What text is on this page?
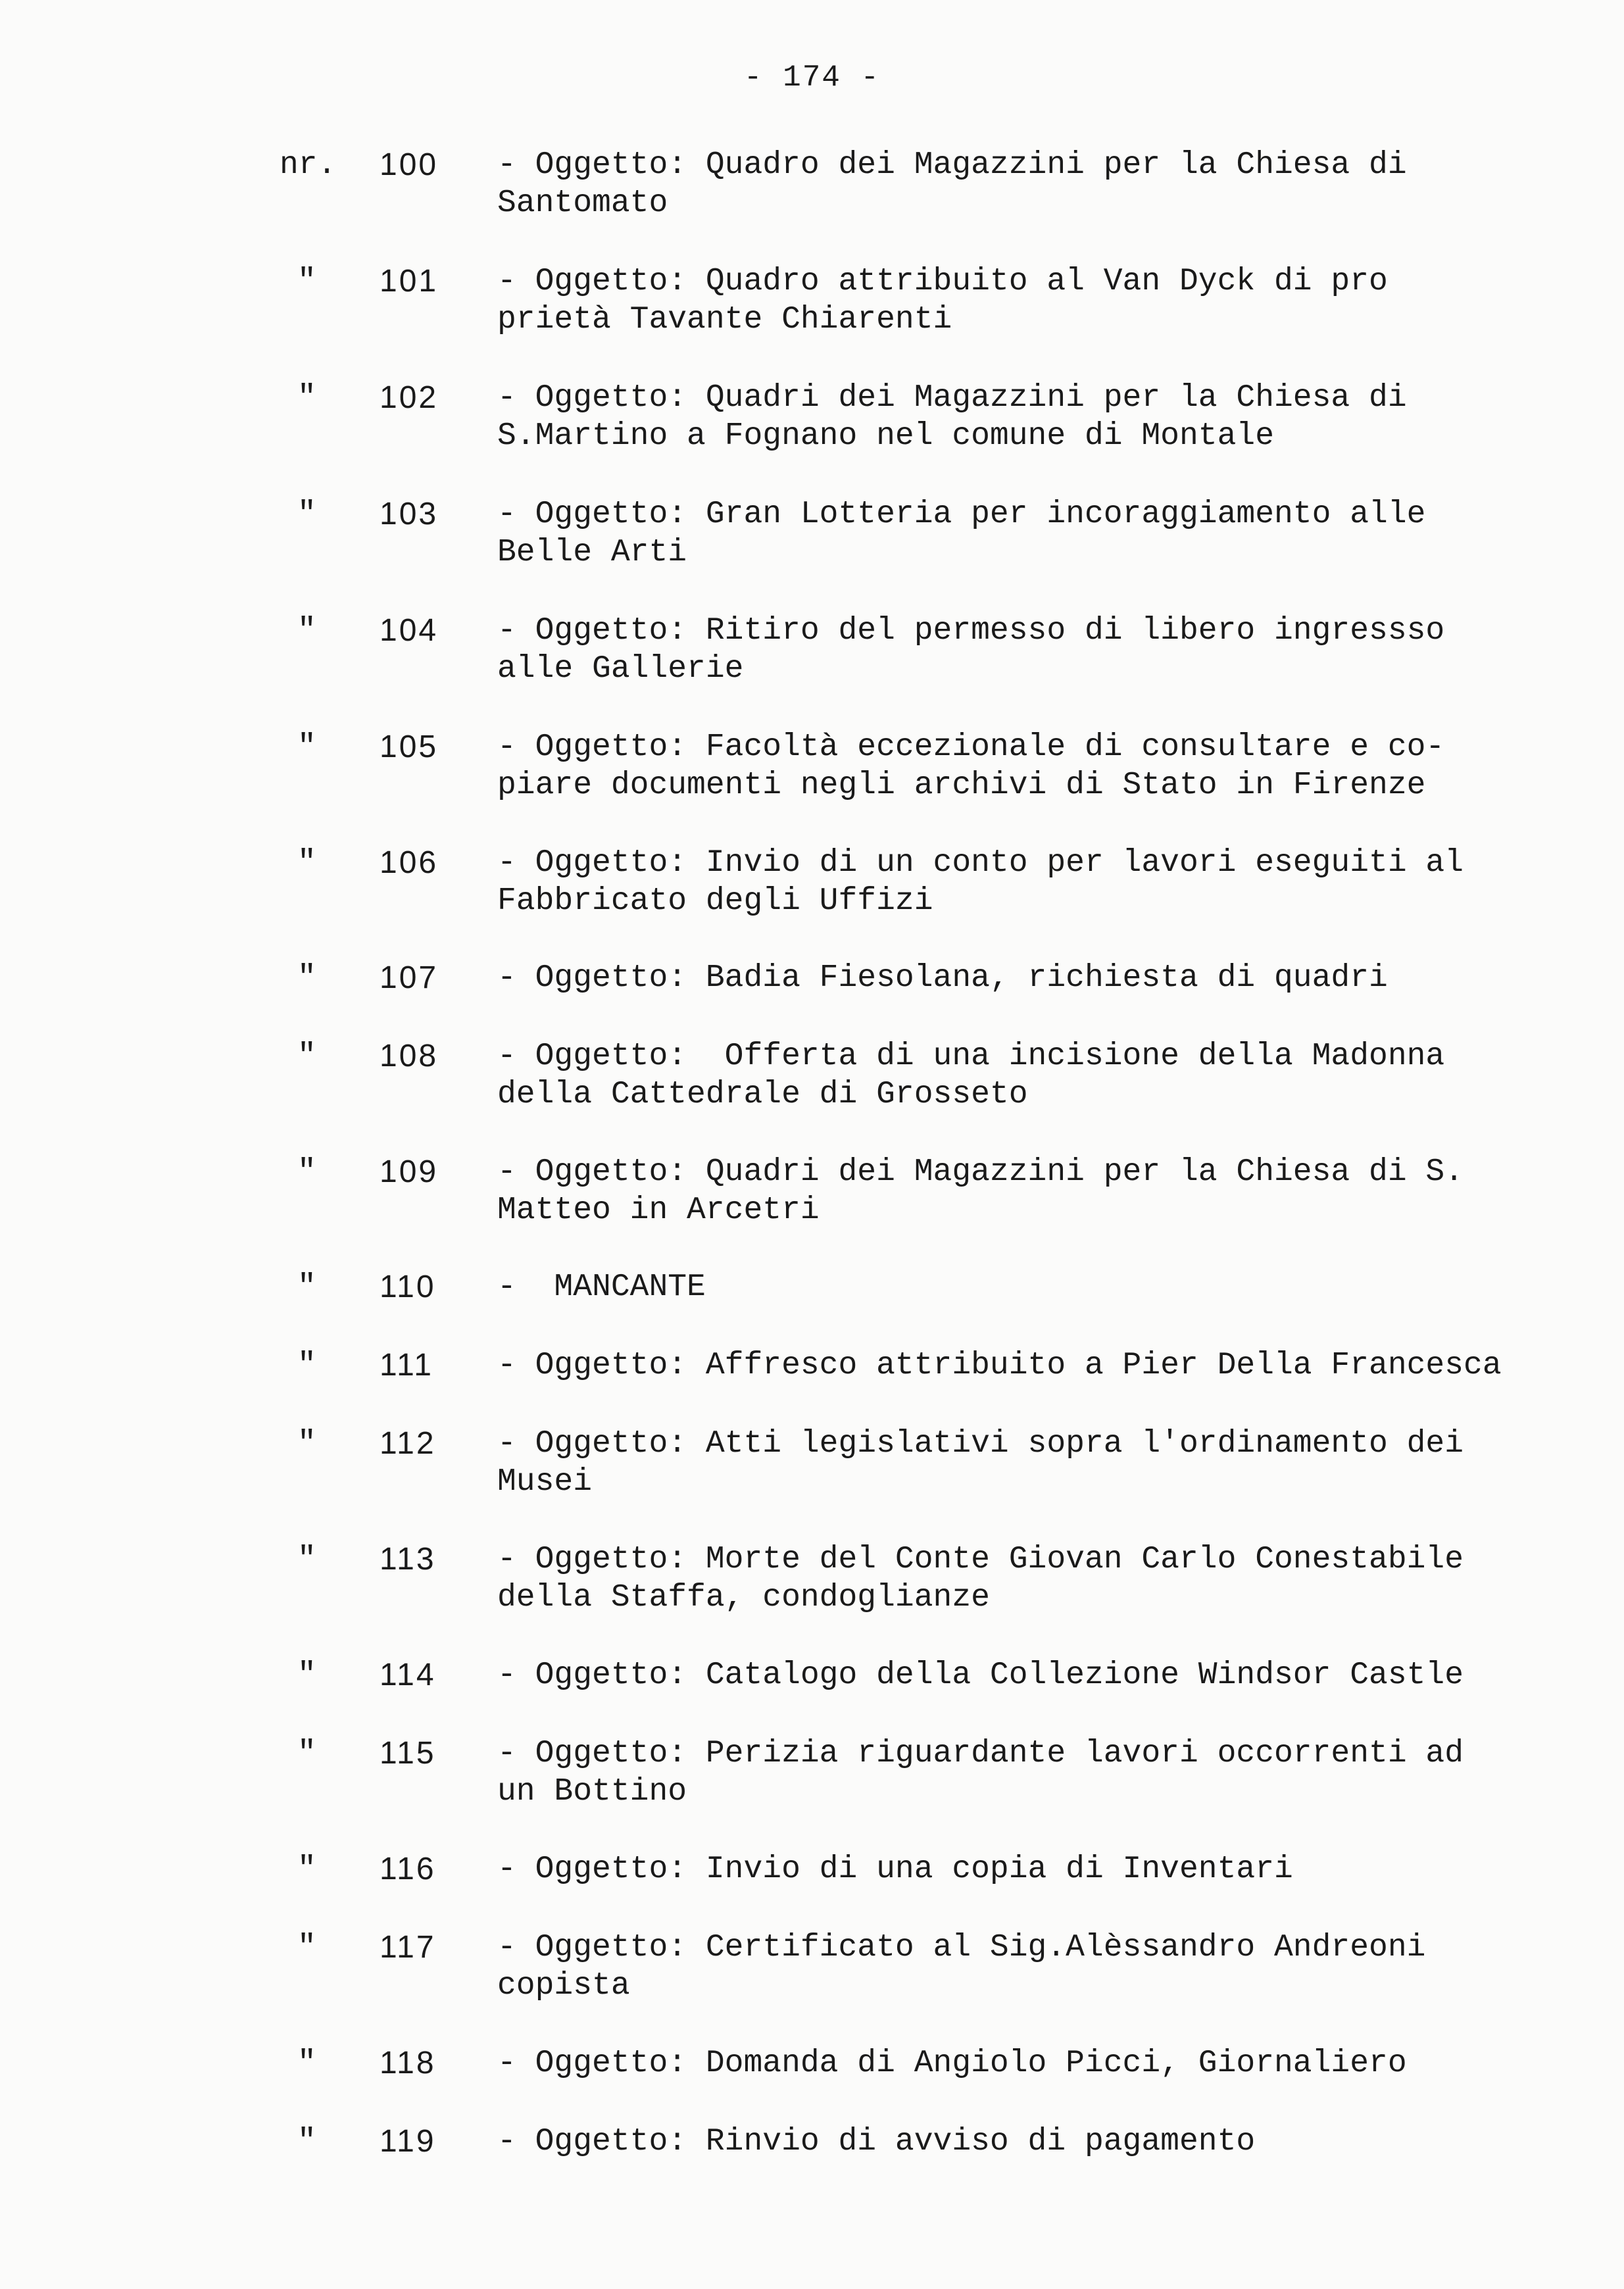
- 174 -
nr. 100 - Oggetto: Quadro dei Magazzini per la Chiesa di
Santomato
" 101 - Oggetto: Quadro attribuito al Van Dyck di pro
prietà Tavante Chiarenti
" 102 - Oggetto: Quadri dei Magazzini per la Chiesa di
S.Martino a Fognano nel comune di Montale
" 103 - Oggetto: Gran Lotteria per incoraggiamento alle
Belle Arti
" 104 - Oggetto: Ritiro del permesso di libero ingressso
alle Gallerie
" 105 - Oggetto: Facoltà eccezionale di consultare e co-
piare documenti negli archivi di Stato in Firenze
" 106 - Oggetto: Invio di un conto per lavori eseguiti al
Fabbricato degli Uffizi
" 107 - Oggetto: Badia Fiesolana, richiesta di quadri
" 108 - Oggetto:  Offerta di una incisione della Madonna
della Cattedrale di Grosseto
" 109 - Oggetto: Quadri dei Magazzini per la Chiesa di S.
Matteo in Arcetri
" 110 -  MANCANTE
" 111 - Oggetto: Affresco attribuito a Pier Della Francesca
" 112 - Oggetto: Atti legislativi sopra l'ordinamento dei
Musei
" 113 - Oggetto: Morte del Conte Giovan Carlo Conestabile
della Staffa, condoglianze
" 114 - Oggetto: Catalogo della Collezione Windsor Castle
" 115 - Oggetto: Perizia riguardante lavori occorrenti ad
un Bottino
" 116 - Oggetto: Invio di una copia di Inventari
" 117 - Oggetto: Certificato al Sig.Alèssandro Andreoni
copista
" 118 - Oggetto: Domanda di Angiolo Picci, Giornaliero
" 119 - Oggetto: Rinvio di avviso di pagamento
